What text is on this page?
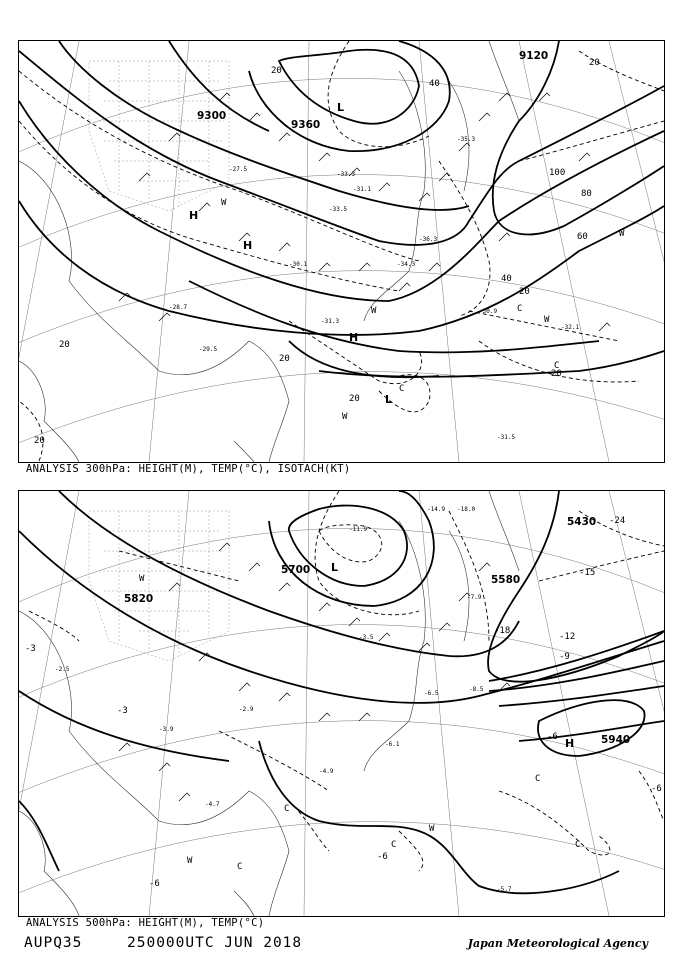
9120
9300
9360
20
40
60
80
100
40
20
20
20
20
20
20
20
L
H
H
H
L
W
W
W
W
C
C
C
W
-33.3
-31.1
-30.1
-35.3
-28.7
-31.3
-30.9
-32.1
-31.5
-29.5
-27.5
-33.5
-36.3
-34.3
ANALYSIS 300hPa: HEIGHT(M), TEMP(°C), ISOTACH(KT)
5430
5580
5700
5820
5940
-24
-18
-15
-12
-9
-6
-6
-6
-6
-3
-3
L
H
W
W
W
C
C
C	C
C
-18.0
-14.9
-11.9
-7.9
-8.5
-6.5
-3.5
-4.7
-2.9
-5.7
-6.1
-4.9
-3.9
-2.5
ANALYSIS 500hPa: HEIGHT(M), TEMP(°C)
AUPQ35	250000UTC JUN 2018	Japan Meteorological Agency
